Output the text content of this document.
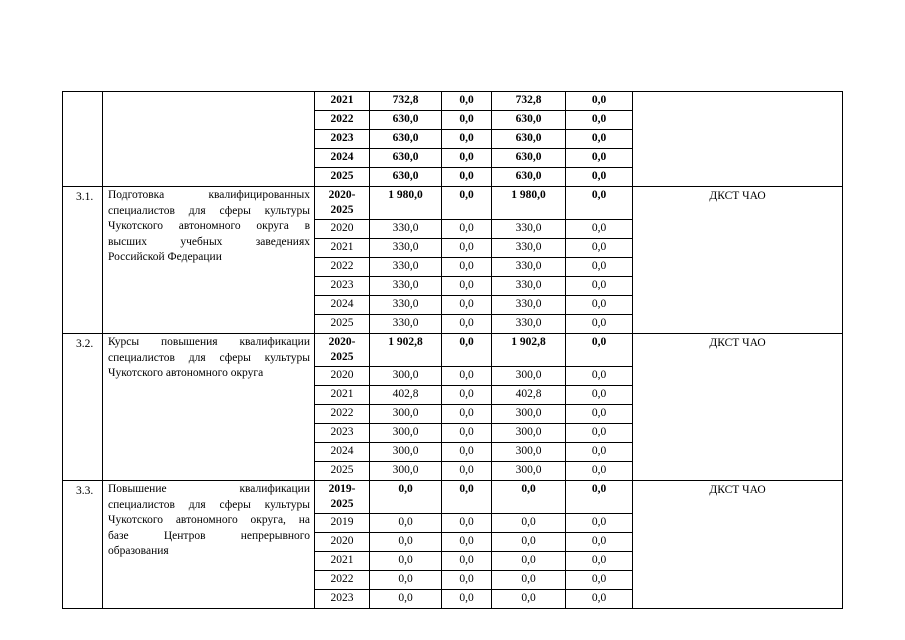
		2021	732,8	0,0	732,8	0,0	
		2022	630,0	0,0	630,0	0,0	
		2023	630,0	0,0	630,0	0,0	
		2024	630,0	0,0	630,0	0,0	
		2025	630,0	0,0	630,0	0,0	
3.1.	Подготовка квалифицированных
специалистов для сферы культуры
Чукотского автономного округа в
высших учебных заведениях
Российской Федерации	2020-
2025	1 980,0	0,0	1 980,0	0,0	ДКСТ ЧАО
		2020	330,0	0,0	330,0	0,0	
		2021	330,0	0,0	330,0	0,0	
		2022	330,0	0,0	330,0	0,0	
		2023	330,0	0,0	330,0	0,0	
		2024	330,0	0,0	330,0	0,0	
		2025	330,0	0,0	330,0	0,0	
3.2.	Курсы повышения квалификации
специалистов для сферы культуры
Чукотского автономного округа	2020-
2025	1 902,8	0,0	1 902,8	0,0	ДКСТ ЧАО
		2020	300,0	0,0	300,0	0,0	
		2021	402,8	0,0	402,8	0,0	
		2022	300,0	0,0	300,0	0,0	
		2023	300,0	0,0	300,0	0,0	
		2024	300,0	0,0	300,0	0,0	
		2025	300,0	0,0	300,0	0,0	
3.3.	Повышение квалификации
специалистов для сферы культуры
Чукотского автономного округа, на
базе Центров непрерывного
образования	2019-
2025	0,0	0,0	0,0	0,0	ДКСТ ЧАО
		2019	0,0	0,0	0,0	0,0	
		2020	0,0	0,0	0,0	0,0	
		2021	0,0	0,0	0,0	0,0	
		2022	0,0	0,0	0,0	0,0	
		2023	0,0	0,0	0,0	0,0	
